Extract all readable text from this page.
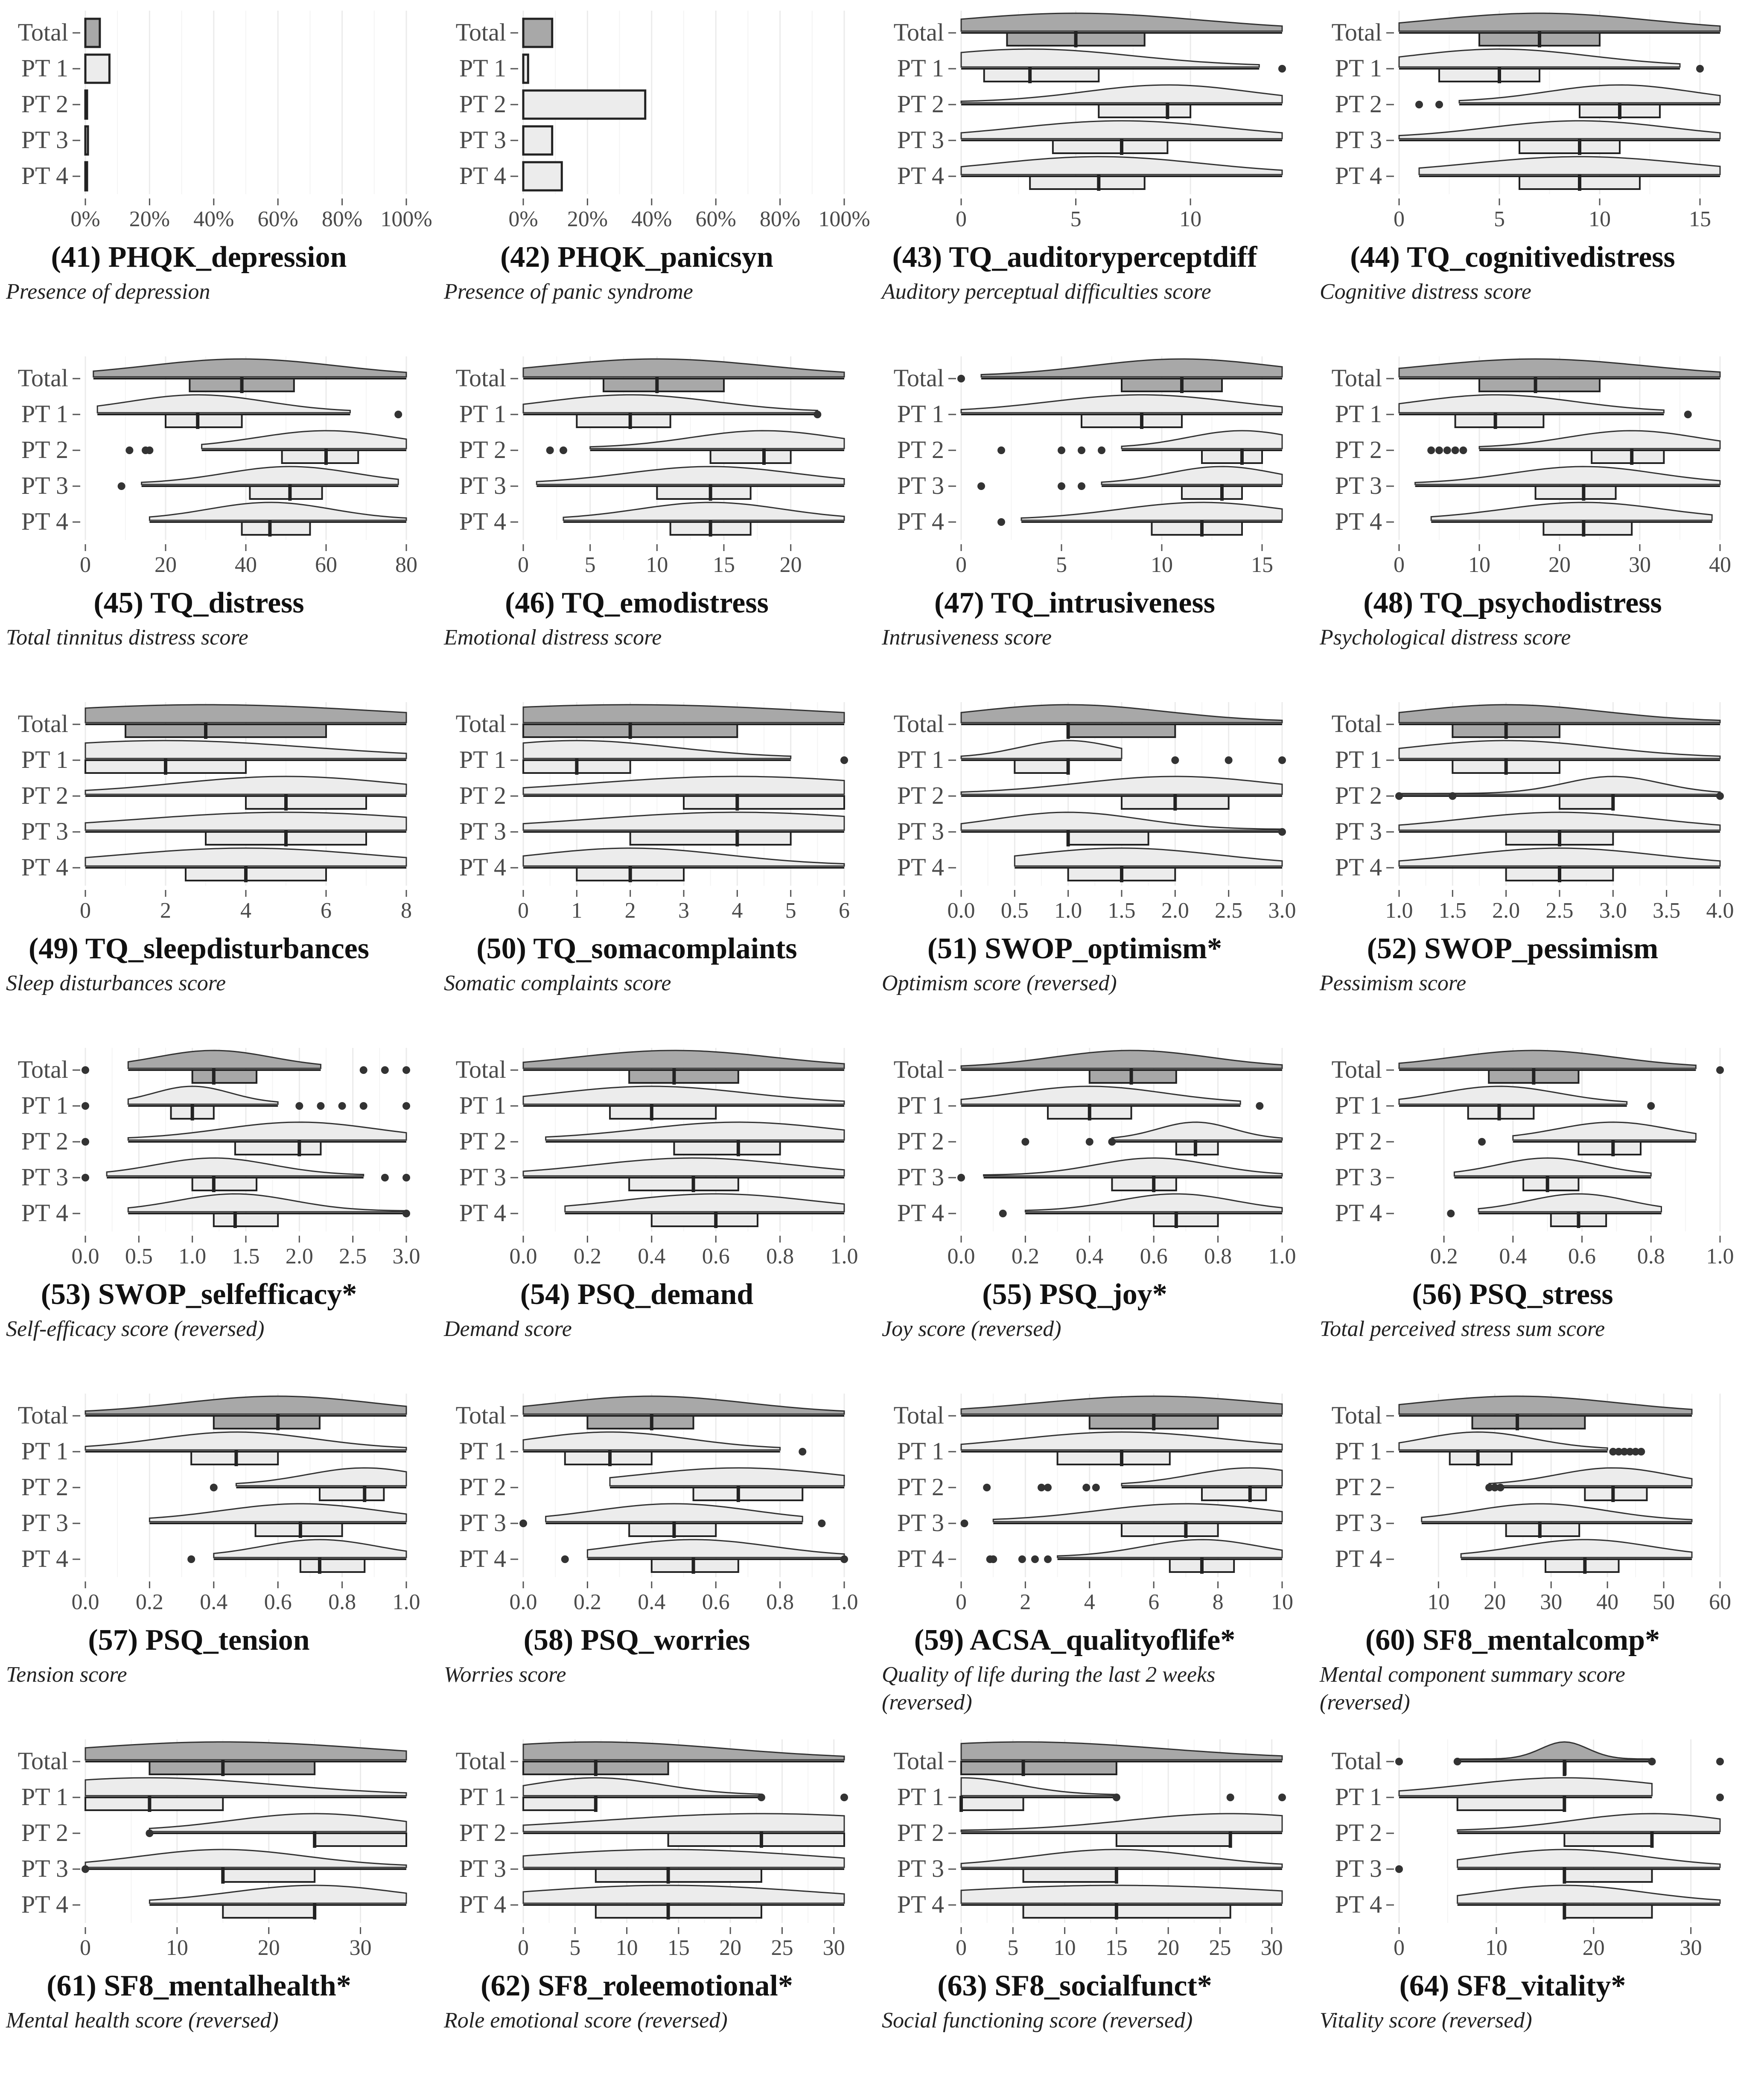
Total
PT 1
PT 2
PT 3
PT 4
0% 20% 40% 60% 80% 100%
(41) PHQK_depression
Presence of depression
Total
PT 1
PT 2
PT 3
PT 4
0% 20% 40% 60% 80% 100%
(42) PHQK_panicsyn
Presence of panic syndrome
Total
PT 1
PT 2
PT 3
PT 4
0	5	10
(43) TQ_auditoryperceptdiff
Auditory perceptual difficulties score
Total
PT 1
PT 2
PT 3
PT 4
0	5	10	15
(44) TQ_cognitivedistress
Cognitive distress score
Total
PT 1
PT 2
PT 3
PT 4
0	20	40	60	80
(45) TQ_distress
Total tinnitus distress score
Total
PT 1
PT 2
PT 3
PT 4
0	5 10 15 20
(46) TQ_emodistress
Emotional distress score
Total
PT 1
PT 2
PT 3
PT 4
0	5	10	15
(47) TQ_intrusiveness
Intrusiveness score
Total
PT 1
PT 2
PT 3
PT 4
0	10	20	30	40
(48) TQ_psychodistress
Psychological distress score
Total
PT 1
PT 2
PT 3
PT 4
0	2	4	6	8
(49) TQ_sleepdisturbances
Sleep disturbances score
Total
PT 1
PT 2
PT 3
PT 4
0 1 2 3 4 5 6
(50) TQ_somacomplaints
Somatic complaints score
Total
PT 1
PT 2
PT 3
PT 4
0.0 0.5 1.0 1.5 2.0 2.5 3.0
(51) SWOP_optimism*
Optimism score (reversed)
Total
PT 1
PT 2
PT 3
PT 4
1.0 1.5 2.0 2.5 3.0 3.5 4.0
(52) SWOP_pessimism
Pessimism score
Total
PT 1
PT 2
PT 3
PT 4
0.0 0.5 1.0 1.5 2.0 2.5 3.0
(53) SWOP_selfefficacy*
Self-efficacy score (reversed)
Total
PT 1
PT 2
PT 3
PT 4
0.0 0.2 0.4 0.6 0.8 1.0
(54) PSQ_demand
Demand score
Total
PT 1
PT 2
PT 3
PT 4
0.0 0.2 0.4 0.6 0.8 1.0
(55) PSQ_joy*
Joy score (reversed)
Total
PT 1
PT 2
PT 3
PT 4
0.2 0.4 0.6 0.8 1.0
(56) PSQ_stress
Total perceived stress sum score
Total
PT 1
PT 2
PT 3
PT 4
0.0 0.2 0.4 0.6 0.8 1.0
(57) PSQ_tension
Tension score
Total
PT 1
PT 2
PT 3
PT 4
0.0 0.2 0.4 0.6 0.8 1.0
(58) PSQ_worries
Worries score
Total
PT 1
PT 2
PT 3
PT 4
0 2 4 6 8 10
(59) ACSA_qualityoflife*
Quality of life during the last 2 weeks
(reversed)
Total
PT 1
PT 2
PT 3
PT 4
10 20 30 40 50 60
(60) SF8_mentalcomp*
Mental component summary score
(reversed)
Total
PT 1
PT 2
PT 3
PT 4
0	10	20	30
(61) SF8_mentalhealth*
Mental health score (reversed)
Total
PT 1
PT 2
PT 3
PT 4
0 5 10 15 20 25 30
(62) SF8_roleemotional*
Role emotional score (reversed)
Total
PT 1
PT 2
PT 3
PT 4
0 5 10 15 20 25 30
(63) SF8_socialfunct*
Social functioning score (reversed)
Total
PT 1
PT 2
PT 3
PT 4
0	10	20	30
(64) SF8_vitality*
Vitality score (reversed)
